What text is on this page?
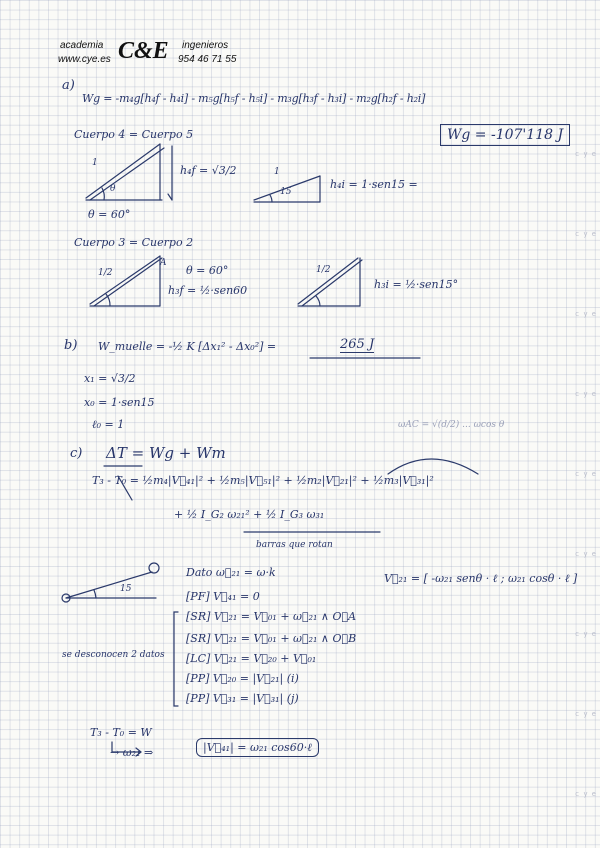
academia
www.cye.es C&E ingenieros
954 46 71 55
a)
Wg = -m₄g[h₄f - h₄i] - m₅g[h₅f - h₅i] - m₃g[h₃f - h₃i] - m₂g[h₂f - h₂i]
Wg = -107'118 J
Cuerpo 4 = Cuerpo 5
1
θ
θ = 60°
h₄f = √3/2	1
15
h₄i = 1·sen15 =
Cuerpo 3 = Cuerpo 2
1/2
A
θ = 60°
h₃f = ½·sen60
1/2
h₃i = ½·sen15°
b) W_muelle = -½ K [Δx₁² - Δx₀²] =	265 J
x₁ = √3/2
x₀ = 1·sen15
ℓ₀ = 1	ωAC = √(d/2) ... ωcos θ
c) ΔT = Wg + Wm
T₃ - T₀ = ½m₄|V⃗₄₁|² + ½m₅|V⃗₅₁|² + ½m₂|V⃗₂₁|² + ½m₃|V⃗₃₁|²
+ ½ I_G₂ ω₂₁² + ½ I_G₃ ω₃₁
barras que rotan
15
Dato ω⃗₂₁ = ω·k
[PF] V⃗₄₁ = 0
[SR] V⃗₂₁ = V⃗₀₁ + ω⃗₂₁ ∧ O⃗A
[SR] V⃗₂₁ = V⃗₀₁ + ω⃗₂₁ ∧ O⃗B
[LC] V⃗₂₁ = V⃗₂₀ + V⃗₀₁
[PP] V⃗₂₀ = |V⃗₂₁| (i)
[PP] V⃗₃₁ = |V⃗₃₁| (j)
se desconocen 2 datos
V⃗₂₁ = [ -ω₂₁ senθ · ℓ ; ω₂₁ cosθ · ℓ ]
T₃ - T₀ = W
→ ω₂₁ ⇒	|V⃗₄₁| = ω₂₁ cos60·ℓ
c y e
c y e
c y e
c y e
c y e
c y e
c y e
c y e
c y e
